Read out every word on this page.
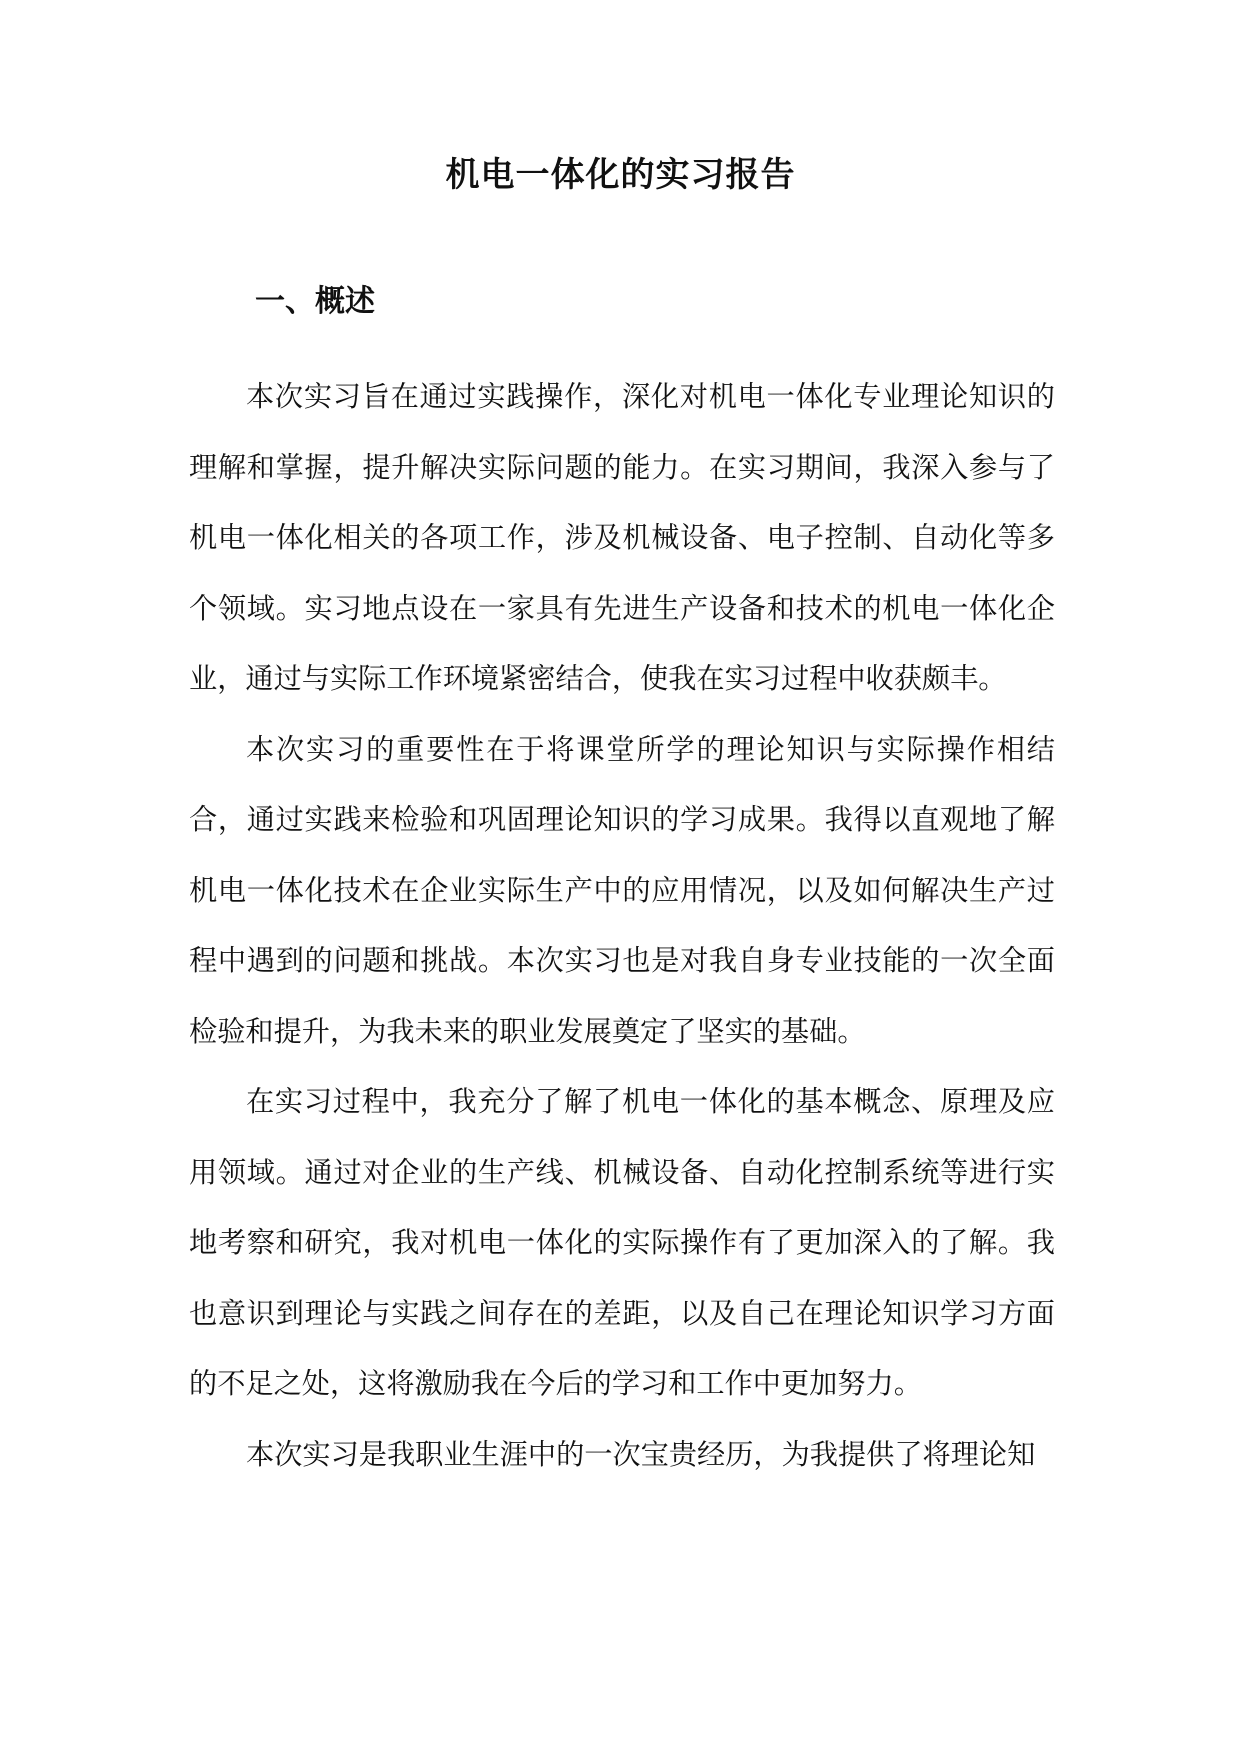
机电一体化的实习报告
一、概述

本次实习旨在通过实践操作，深化对机电一体化专业理论知识的理解和掌握，提升解决实际问题的能力。在实习期间，我深入参与了机电一体化相关的各项工作，涉及机械设备、电子控制、自动化等多个领域。实习地点设在一家具有先进生产设备和技术的机电一体化企业，通过与实际工作环境紧密结合，使我在实习过程中收获颇丰。

本次实习的重要性在于将课堂所学的理论知识与实际操作相结合，通过实践来检验和巩固理论知识的学习成果。我得以直观地了解机电一体化技术在企业实际生产中的应用情况，以及如何解决生产过程中遇到的问题和挑战。本次实习也是对我自身专业技能的一次全面检验和提升，为我未来的职业发展奠定了坚实的基础。

在实习过程中，我充分了解了机电一体化的基本概念、原理及应用领域。通过对企业的生产线、机械设备、自动化控制系统等进行实地考察和研究，我对机电一体化的实际操作有了更加深入的了解。我也意识到理论与实践之间存在的差距，以及自己在理论知识学习方面的不足之处，这将激励我在今后的学习和工作中更加努力。

本次实习是我职业生涯中的一次宝贵经历，为我提供了将理论知
